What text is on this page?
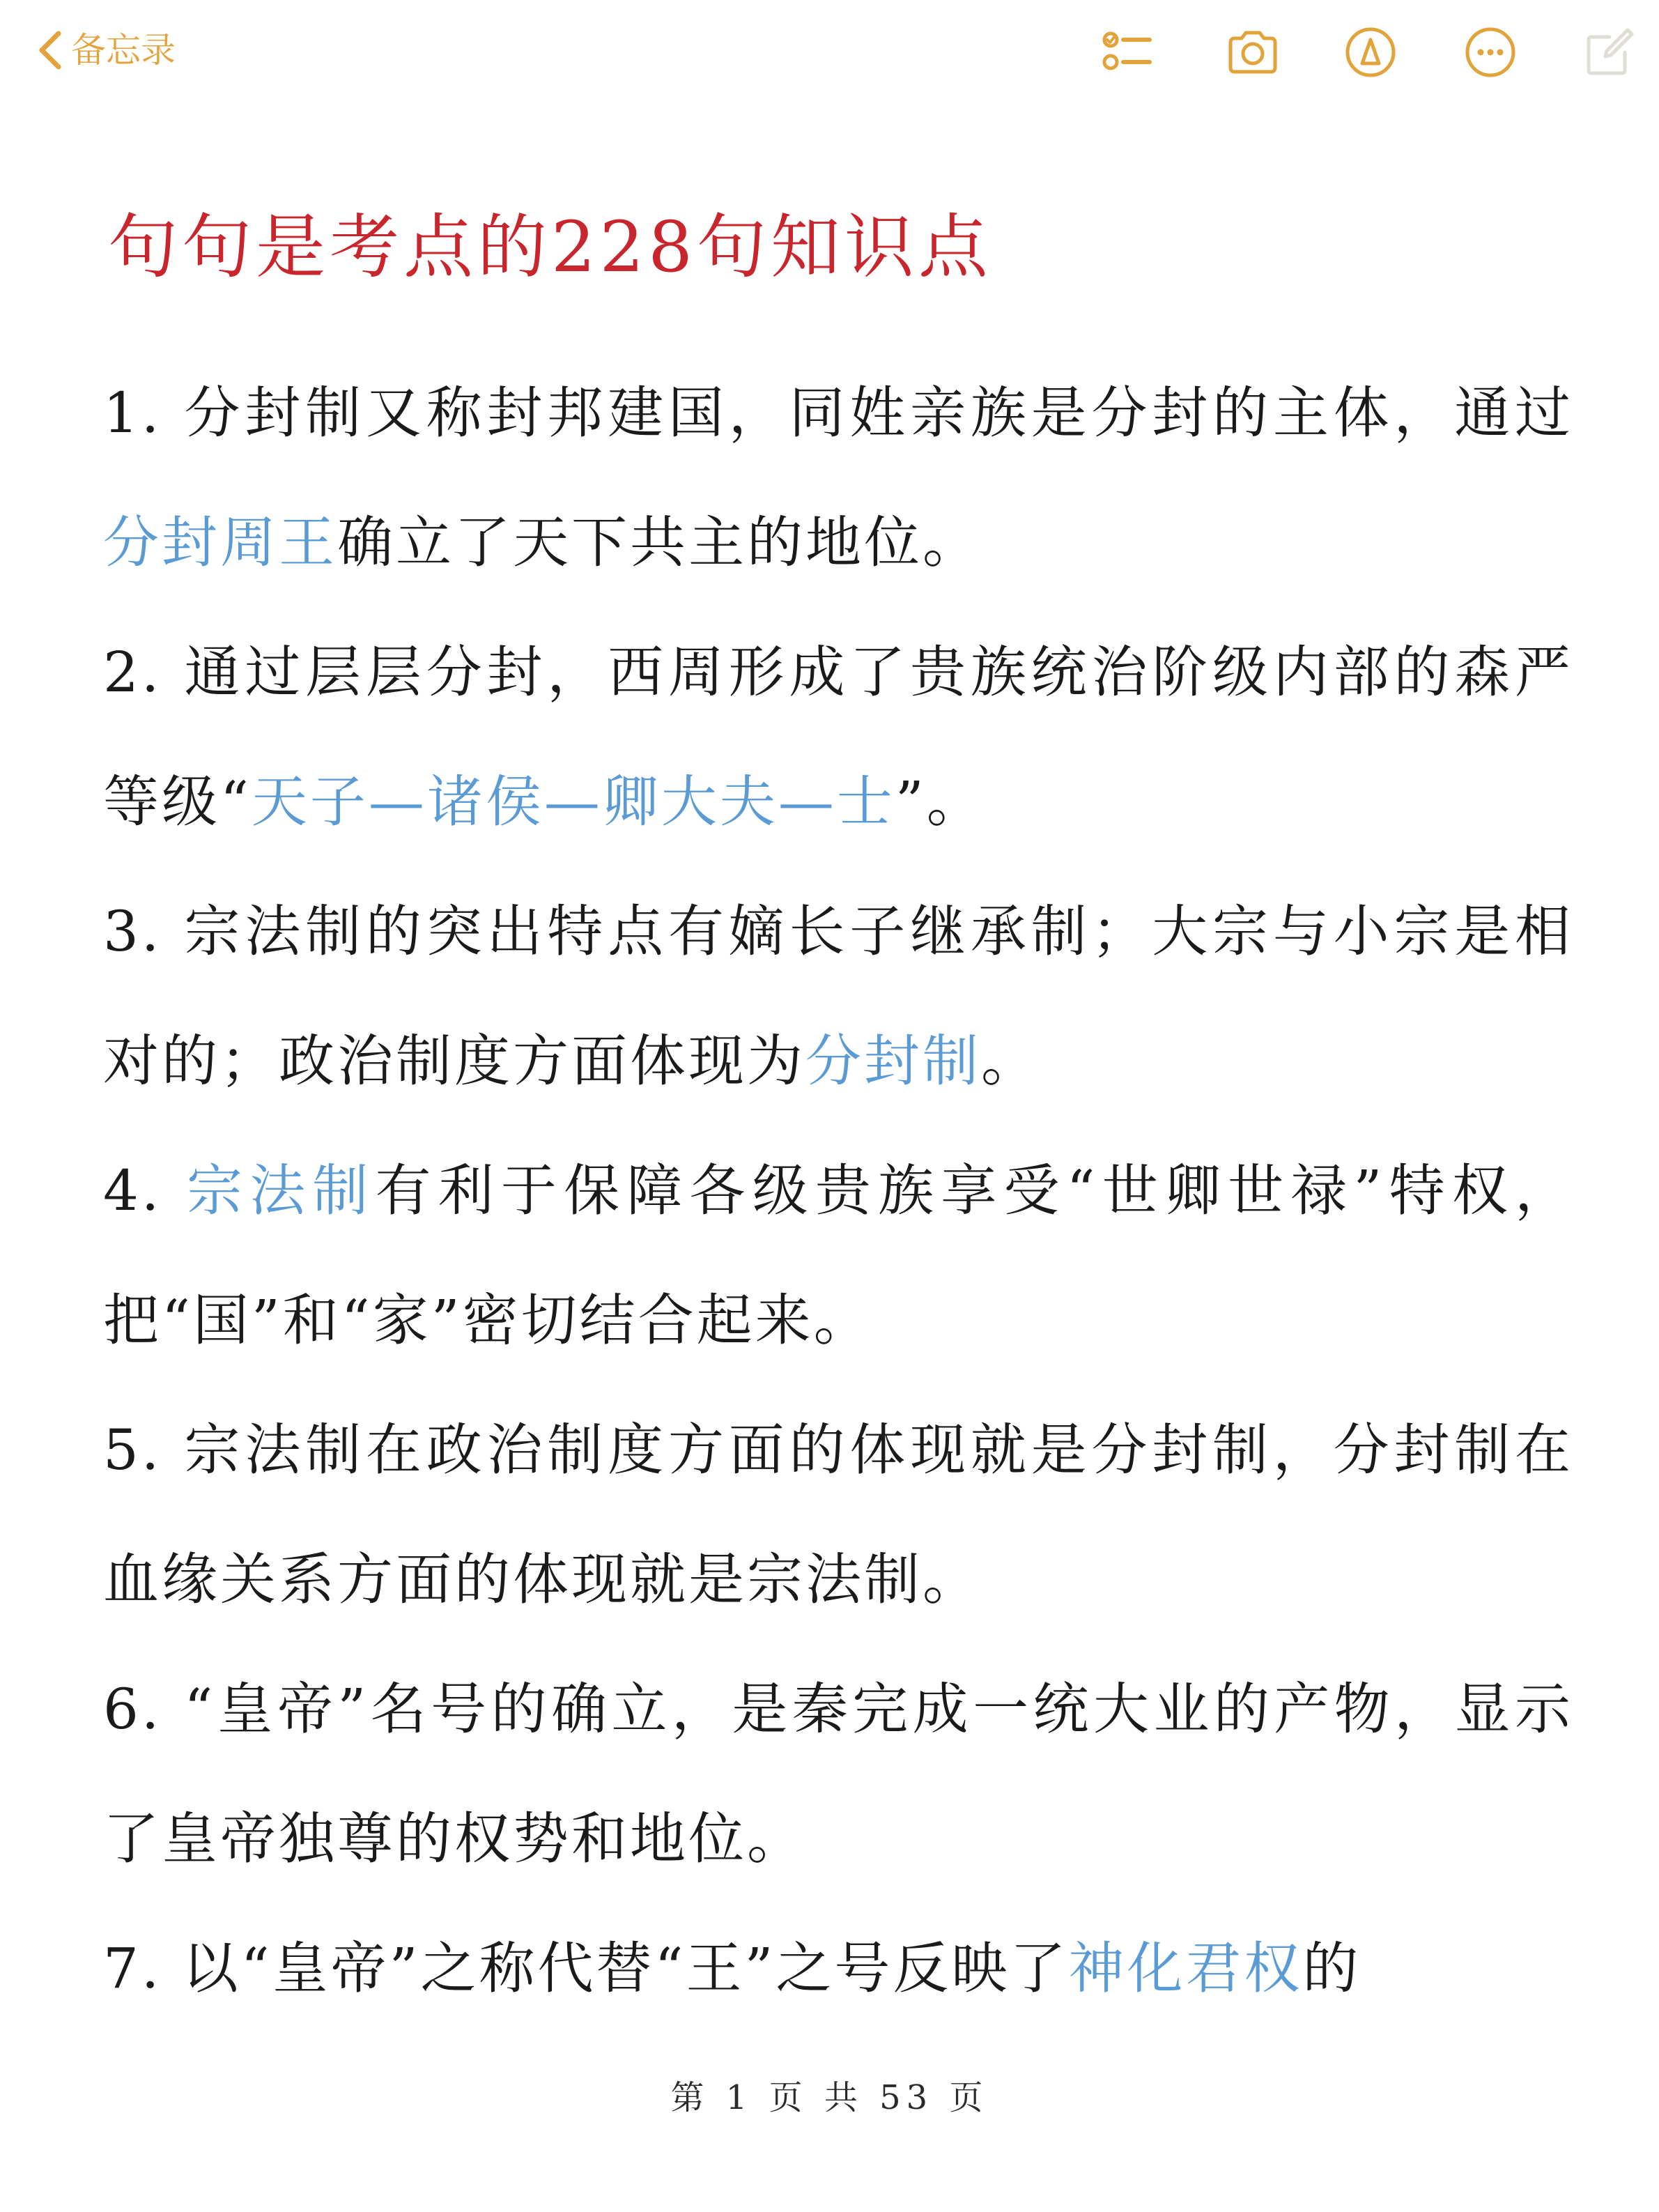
备忘录
句句是考点的228句知识点

1. 分封制又称封邦建国，同姓亲族是分封的主体，通过分封周王确立了天下共主的地位。

2. 通过层层分封，西周形成了贵族统治阶级内部的森严等级“天子—诸侯—卿大夫—士”。

3. 宗法制的突出特点有嫡长子继承制；大宗与小宗是相对的；政治制度方面体现为分封制。

4. 宗法制有利于保障各级贵族享受“世卿世禄”特权，把“国”和“家”密切结合起来。

5. 宗法制在政治制度方面的体现就是分封制，分封制在血缘关系方面的体现就是宗法制。

6. “皇帝”名号的确立，是秦完成一统大业的产物，显示了皇帝独尊的权势和地位。

7. 以“皇帝”之称代替“王”之号反映了神化君权的

第 1 页 共 53 页
